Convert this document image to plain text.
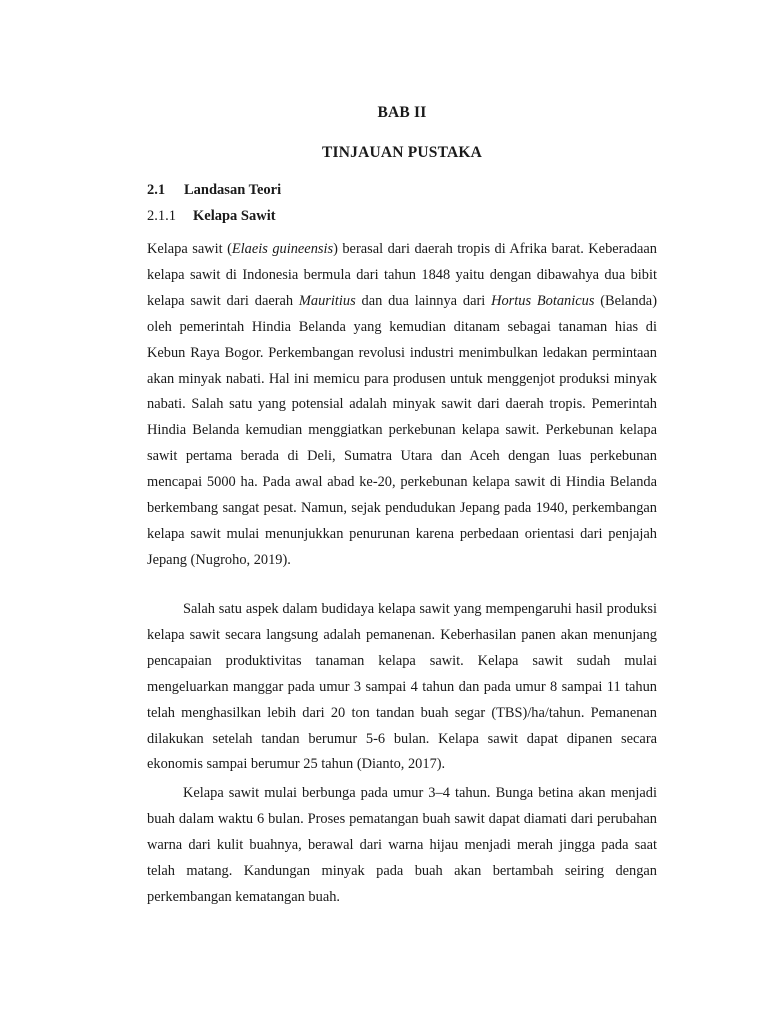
BAB II
TINJAUAN PUSTAKA
2.1 Landasan Teori
2.1.1 Kelapa Sawit

Kelapa sawit (Elaeis guineensis) berasal dari daerah tropis di Afrika barat. Keberadaan kelapa sawit di Indonesia bermula dari tahun 1848 yaitu dengan dibawahya dua bibit kelapa sawit dari daerah Mauritius dan dua lainnya dari Hortus Botanicus (Belanda) oleh pemerintah Hindia Belanda yang kemudian ditanam sebagai tanaman hias di Kebun Raya Bogor. Perkembangan revolusi industri menimbulkan ledakan permintaan akan minyak nabati. Hal ini memicu para produsen untuk menggenjot produksi minyak nabati. Salah satu yang potensial adalah minyak sawit dari daerah tropis. Pemerintah Hindia Belanda kemudian menggiatkan perkebunan kelapa sawit. Perkebunan kelapa sawit pertama berada di Deli, Sumatra Utara dan Aceh dengan luas perkebunan mencapai 5000 ha. Pada awal abad ke-20, perkebunan kelapa sawit di Hindia Belanda berkembang sangat pesat. Namun, sejak pendudukan Jepang pada 1940, perkembangan kelapa sawit mulai menunjukkan penurunan karena perbedaan orientasi dari penjajah Jepang (Nugroho, 2019).

Salah satu aspek dalam budidaya kelapa sawit yang mempengaruhi hasil produksi kelapa sawit secara langsung adalah pemanenan. Keberhasilan panen akan menunjang pencapaian produktivitas tanaman kelapa sawit. Kelapa sawit sudah mulai mengeluarkan manggar pada umur 3 sampai 4 tahun dan pada umur 8 sampai 11 tahun telah menghasilkan lebih dari 20 ton tandan buah segar (TBS)/ha/tahun. Pemanenan dilakukan setelah tandan berumur 5-6 bulan. Kelapa sawit dapat dipanen secara ekonomis sampai berumur 25 tahun (Dianto, 2017).

Kelapa sawit mulai berbunga pada umur 3–4 tahun. Bunga betina akan menjadi buah dalam waktu 6 bulan. Proses pematangan buah sawit dapat diamati dari perubahan warna dari kulit buahnya, berawal dari warna hijau menjadi merah jingga pada saat telah matang. Kandungan minyak pada buah akan bertambah seiring dengan perkembangan kematangan buah.
